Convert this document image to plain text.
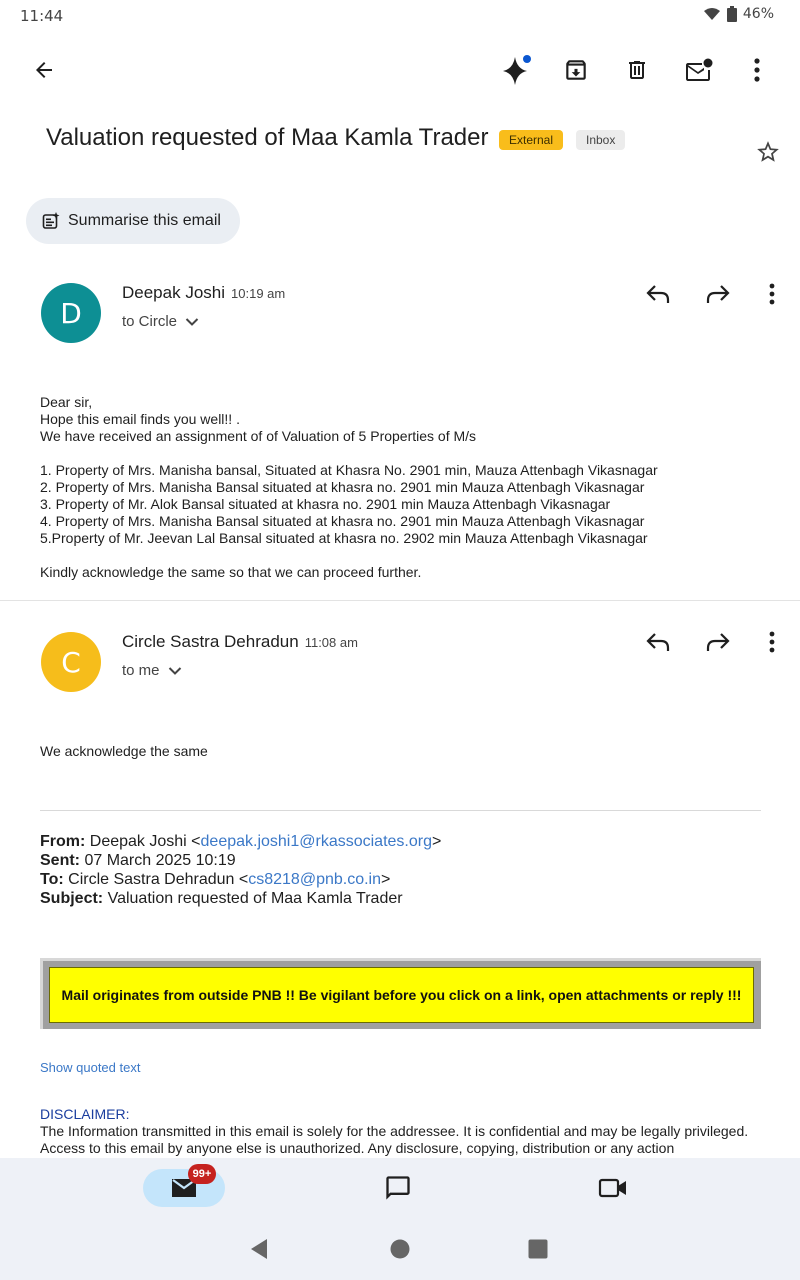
11:44	46%
Valuation requested of Maa Kamla Trader	External	Inbox
Summarise this email
D
Deepak Joshi 10:19 am
to Circle
Dear sir,
Hope this email finds you well!! .
We have received an assignment of of Valuation of 5 Properties of M/s

1. Property of Mrs. Manisha bansal, Situated at Khasra No. 2901 min, Mauza Attenbagh Vikasnagar
2. Property of Mrs. Manisha Bansal situated at khasra no. 2901 min Mauza Attenbagh Vikasnagar
3. Property of Mr. Alok Bansal situated at khasra no. 2901 min Mauza Attenbagh Vikasnagar
4. Property of Mrs. Manisha Bansal situated at khasra no. 2901 min Mauza Attenbagh Vikasnagar
5.Property of Mr. Jeevan Lal Bansal situated at khasra no. 2902 min Mauza Attenbagh Vikasnagar

Kindly acknowledge the same so that we can proceed further.
C
Circle Sastra Dehradun 11:08 am
to me
We acknowledge the same
From: Deepak Joshi <deepak.joshi1@rkassociates.org>
Sent: 07 March 2025 10:19
To: Circle Sastra Dehradun <cs8218@pnb.co.in>
Subject: Valuation requested of Maa Kamla Trader
Mail originates from outside PNB !! Be vigilant before you click on a link, open attachments or reply !!!
Show quoted text
DISCLAIMER:
The Information transmitted in this email is solely for the addressee. It is confidential and may be legally privileged. Access to this email by anyone else is unauthorized. Any disclosure, copying, distribution or any action
99+
